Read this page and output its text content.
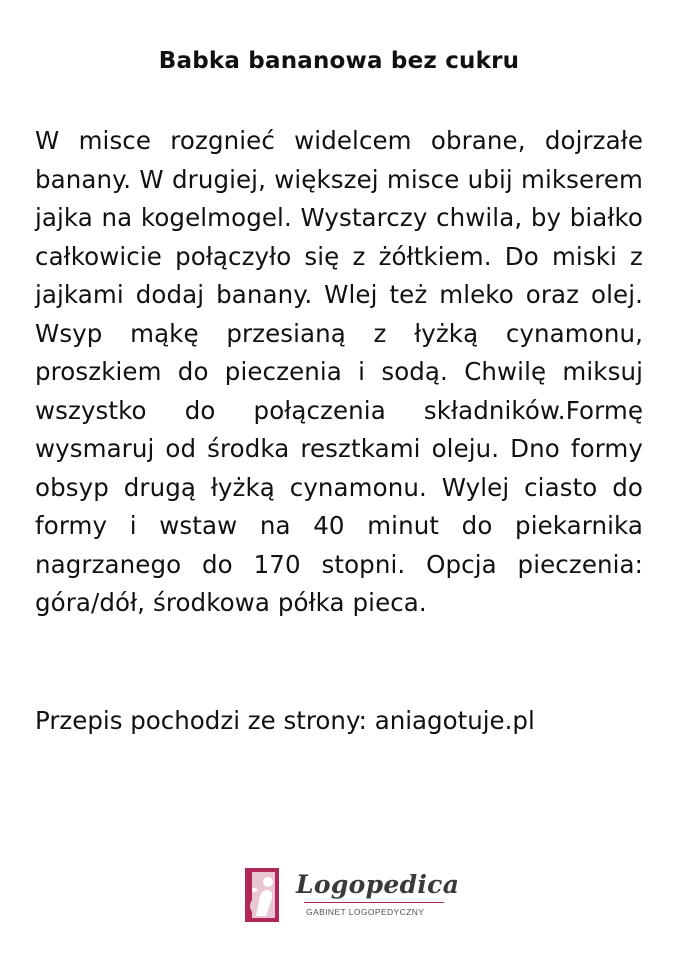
Babka bananowa bez cukru

W misce rozgnieć widelcem obrane, dojrzałe banany. W drugiej, większej misce ubij mikserem jajka na kogelmogel. Wystarczy chwila, by białko całkowicie połączyło się z żółtkiem. Do miski z jajkami dodaj banany. Wlej też mleko oraz olej. Wsyp mąkę przesianą z łyżką cynamonu, proszkiem do pieczenia i sodą. Chwilę miksuj wszystko do połączenia składników.Formę wysmaruj od środka resztkami oleju. Dno formy obsyp drugą łyżką cynamonu. Wylej ciasto do formy i wstaw na 40 minut do piekarnika nagrzanego do 170 stopni. Opcja pieczenia: góra/dół, środkowa półka pieca.

Przepis pochodzi ze strony: aniagotuje.pl

Logopedica
GABINET LOGOPEDYCZNY
